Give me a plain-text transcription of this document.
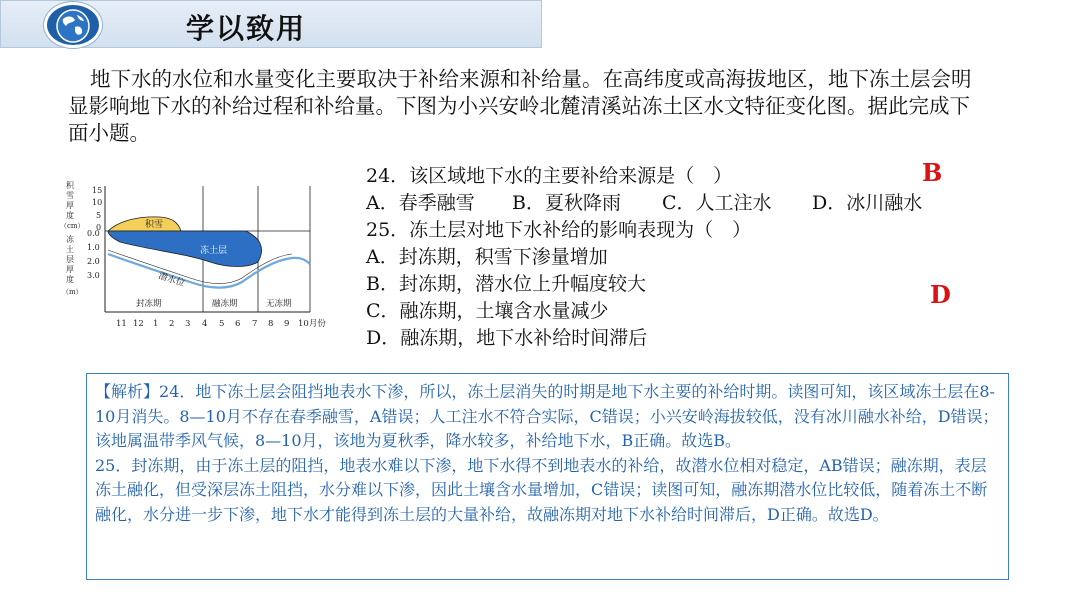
学以致用
地下水的水位和水量变化主要取决于补给来源和补给量。在高纬度或高海拔地区，地下冻土层会明显影响地下水的补给过程和补给量。下图为小兴安岭北麓清溪站冻土区水文特征变化图。据此完成下面小题。
积雪
冻土层
潜水位
封冻期	融冻期	无冻期
15
10
5
0
0.0
1.0
2.0
3.0
积
雪
厚
度
（cm）
冻
土
层
厚
度
（m）
11 12 1 2 3 4 5 6 7 8 9 10月份
24．该区域地下水的主要补给来源是（　）
A．春季融雪 B．夏秋降雨 C．人工注水 D．冰川融水
25．冻土层对地下水补给的影响表现为（　）
A．封冻期，积雪下渗量增加
B．封冻期，潜水位上升幅度较大
C．融冻期，土壤含水量减少
D．融冻期，地下水补给时间滞后
B
D
【解析】24．地下冻土层会阻挡地表水下渗，所以，冻土层消失的时期是地下水主要的补给时期。读图可知，该区域冻土层在8-10月消失。8—10月不存在春季融雪，A错误；人工注水不符合实际，C错误；小兴安岭海拔较低，没有冰川融水补给，D错误；该地属温带季风气候，8—10月，该地为夏秋季，降水较多，补给地下水，B正确。故选B。
25．封冻期，由于冻土层的阻挡，地表水难以下渗，地下水得不到地表水的补给，故潜水位相对稳定，AB错误；融冻期，表层冻土融化，但受深层冻土阻挡，水分难以下渗，因此土壤含水量增加，C错误；读图可知，融冻期潜水位比较低，随着冻土不断融化，水分进一步下渗，地下水才能得到冻土层的大量补给，故融冻期对地下水补给时间滞后，D正确。故选D。
